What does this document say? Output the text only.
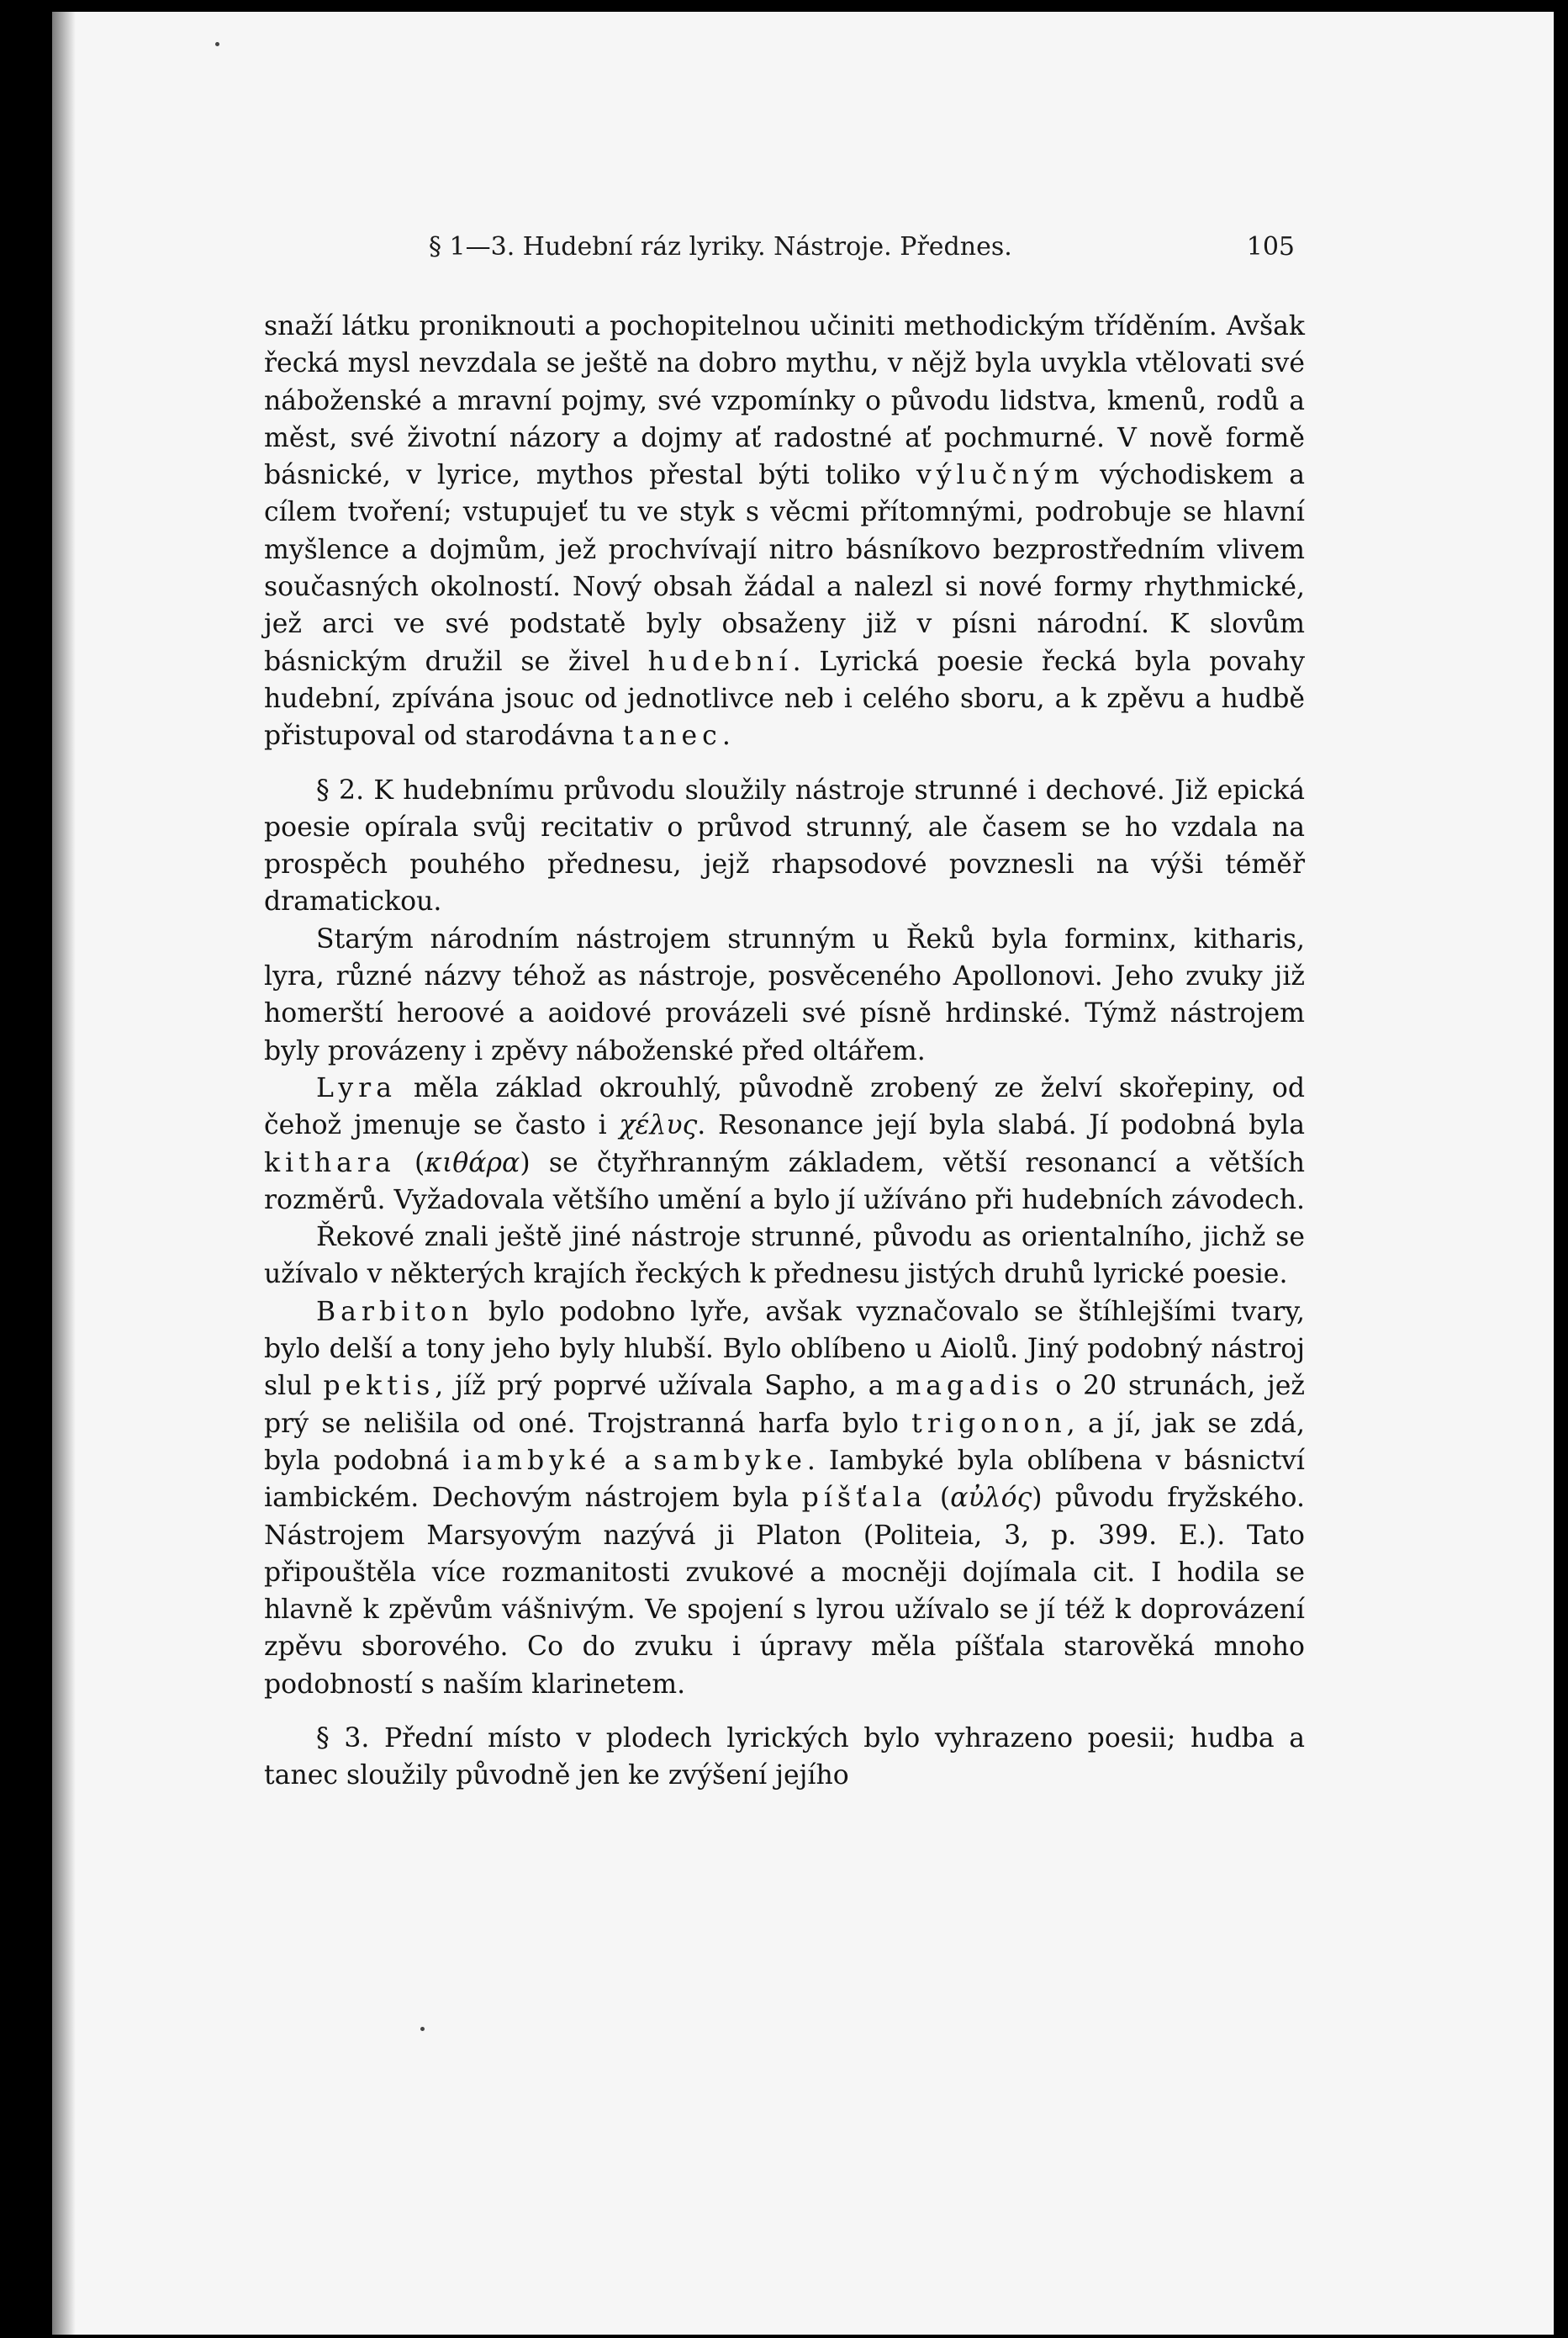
§ 1—3. Hudební ráz lyriky. Nástroje. Přednes.	105

snaží látku proniknouti a pochopitelnou učiniti methodickým tříděním. Avšak řecká mysl nevzdala se ještě na dobro mythu, v nějž byla uvykla vtělovati své náboženské a mravní pojmy, své vzpomínky o původu lidstva, kmenů, rodů a měst, své životní názory a dojmy ať radostné ať pochmurné. V nově formě básnické, v lyrice, mythos přestal býti toliko výlučným východiskem a cílem tvoření; vstupujeť tu ve styk s věcmi přítomnými, podrobuje se hlavní myšlence a dojmům, jež prochvívají nitro básníkovo bezprostředním vlivem současných okolností. Nový obsah žádal a nalezl si nové formy rhythmické, jež arci ve své podstatě byly obsaženy již v písni národní. K slovům básnickým družil se živel hudební. Lyrická poesie řecká byla povahy hudební, zpívána jsouc od jednotlivce neb i celého sboru, a k zpěvu a hudbě přistupoval od starodávna tanec.

§ 2. K hudebnímu průvodu sloužily nástroje strunné i dechové. Již epická poesie opírala svůj recitativ o průvod strunný, ale časem se ho vzdala na prospěch pouhého přednesu, jejž rhapsodové povznesli na výši téměř dramatickou.

Starým národním nástrojem strunným u Řeků byla forminx, kitharis, lyra, různé názvy téhož as nástroje, posvěceného Apollonovi. Jeho zvuky již homerští heroové a aoidové provázeli své písně hrdinské. Týmž nástrojem byly provázeny i zpěvy náboženské před oltářem.

Lyra měla základ okrouhlý, původně zrobený ze želví skořepiny, od čehož jmenuje se často i χέλυς. Resonance její byla slabá. Jí podobná byla kithara (κιθάρα) se čtyřhranným základem, větší resonancí a větších rozměrů. Vyžadovala většího umění a bylo jí užíváno při hudebních závodech.

Řekové znali ještě jiné nástroje strunné, původu as orientalního, jichž se užívalo v některých krajích řeckých k přednesu jistých druhů lyrické poesie.

Barbiton bylo podobno lyře, avšak vyznačovalo se štíhlejšími tvary, bylo delší a tony jeho byly hlubší. Bylo oblíbeno u Aiolů. Jiný podobný nástroj slul pektis, jíž prý poprvé užívala Sapho, a magadis o 20 strunách, jež prý se nelišila od oné. Trojstranná harfa bylo trigonon, a jí, jak se zdá, byla podobná iambyké a sambyke. Iambyké byla oblíbena v básnictví iambickém. Dechovým nástrojem byla píšťala (αὐλός) původu fryžského. Nástrojem Marsyovým nazývá ji Platon (Politeia, 3, p. 399. E.). Tato připouštěla více rozmanitosti zvukové a mocněji dojímala cit. I hodila se hlavně k zpěvům vášnivým. Ve spojení s lyrou užívalo se jí též k doprovázení zpěvu sborového. Co do zvuku i úpravy měla píšťala starověká mnoho podobností s naším klarinetem.

§ 3. Přední místo v plodech lyrických bylo vyhrazeno poesii; hudba a tanec sloužily původně jen ke zvýšení jejího
